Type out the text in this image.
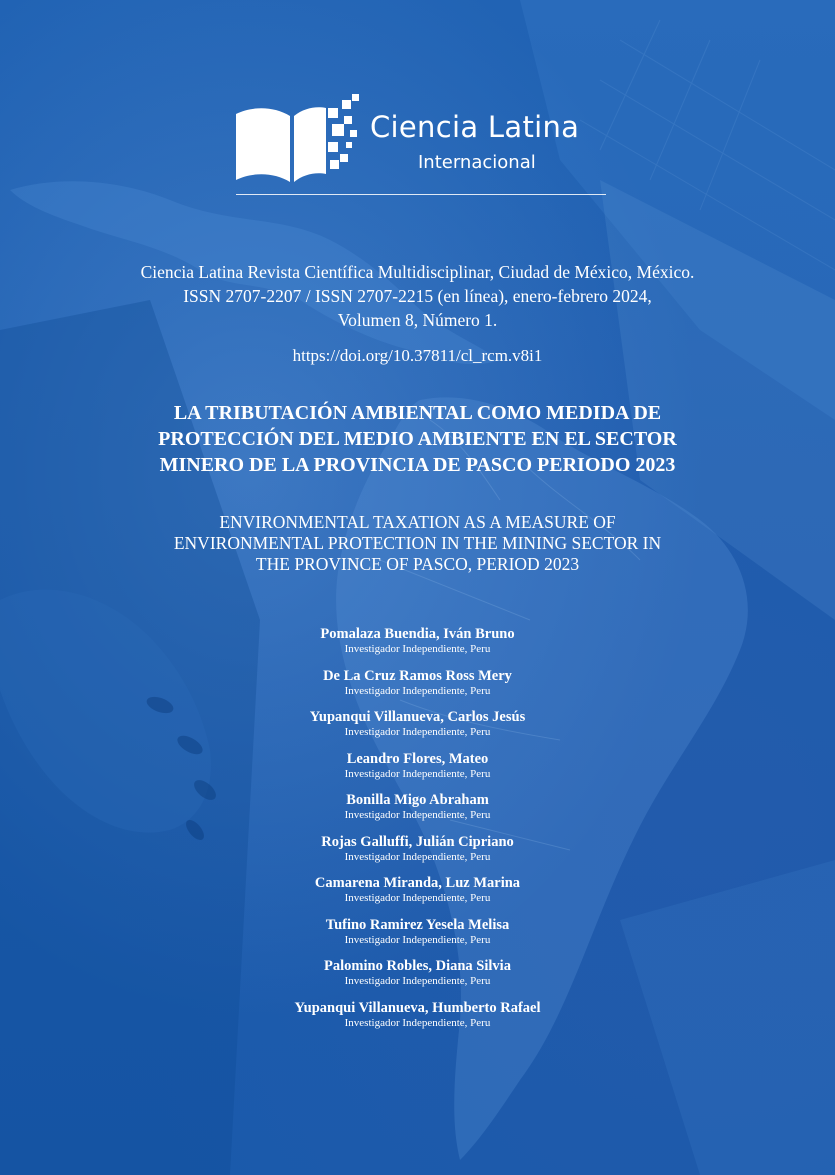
Ciencia Latina
Internacional
Ciencia Latina Revista Científica Multidisciplinar, Ciudad de México, México.
ISSN 2707-2207 / ISSN 2707-2215 (en línea), enero-febrero 2024,
Volumen 8, Número 1.
https://doi.org/10.37811/cl_rcm.v8i1
LA TRIBUTACIÓN AMBIENTAL COMO MEDIDA DE
PROTECCIÓN DEL MEDIO AMBIENTE EN EL SECTOR
MINERO DE LA PROVINCIA DE PASCO PERIODO 2023
ENVIRONMENTAL TAXATION AS A MEASURE OF
ENVIRONMENTAL PROTECTION IN THE MINING SECTOR IN
THE PROVINCE OF PASCO, PERIOD 2023
Pomalaza Buendia, Iván Bruno
Investigador Independiente, Peru
De La Cruz Ramos Ross Mery
Investigador Independiente, Peru
Yupanqui Villanueva, Carlos Jesús
Investigador Independiente, Peru
Leandro Flores, Mateo
Investigador Independiente, Peru
Bonilla Migo Abraham
Investigador Independiente, Peru
Rojas Galluffi, Julián Cipriano
Investigador Independiente, Peru
Camarena Miranda, Luz Marina
Investigador Independiente, Peru
Tufino Ramirez Yesela Melisa
Investigador Independiente, Peru
Palomino Robles, Diana Silvia
Investigador Independiente, Peru
Yupanqui Villanueva, Humberto Rafael
Investigador Independiente, Peru
